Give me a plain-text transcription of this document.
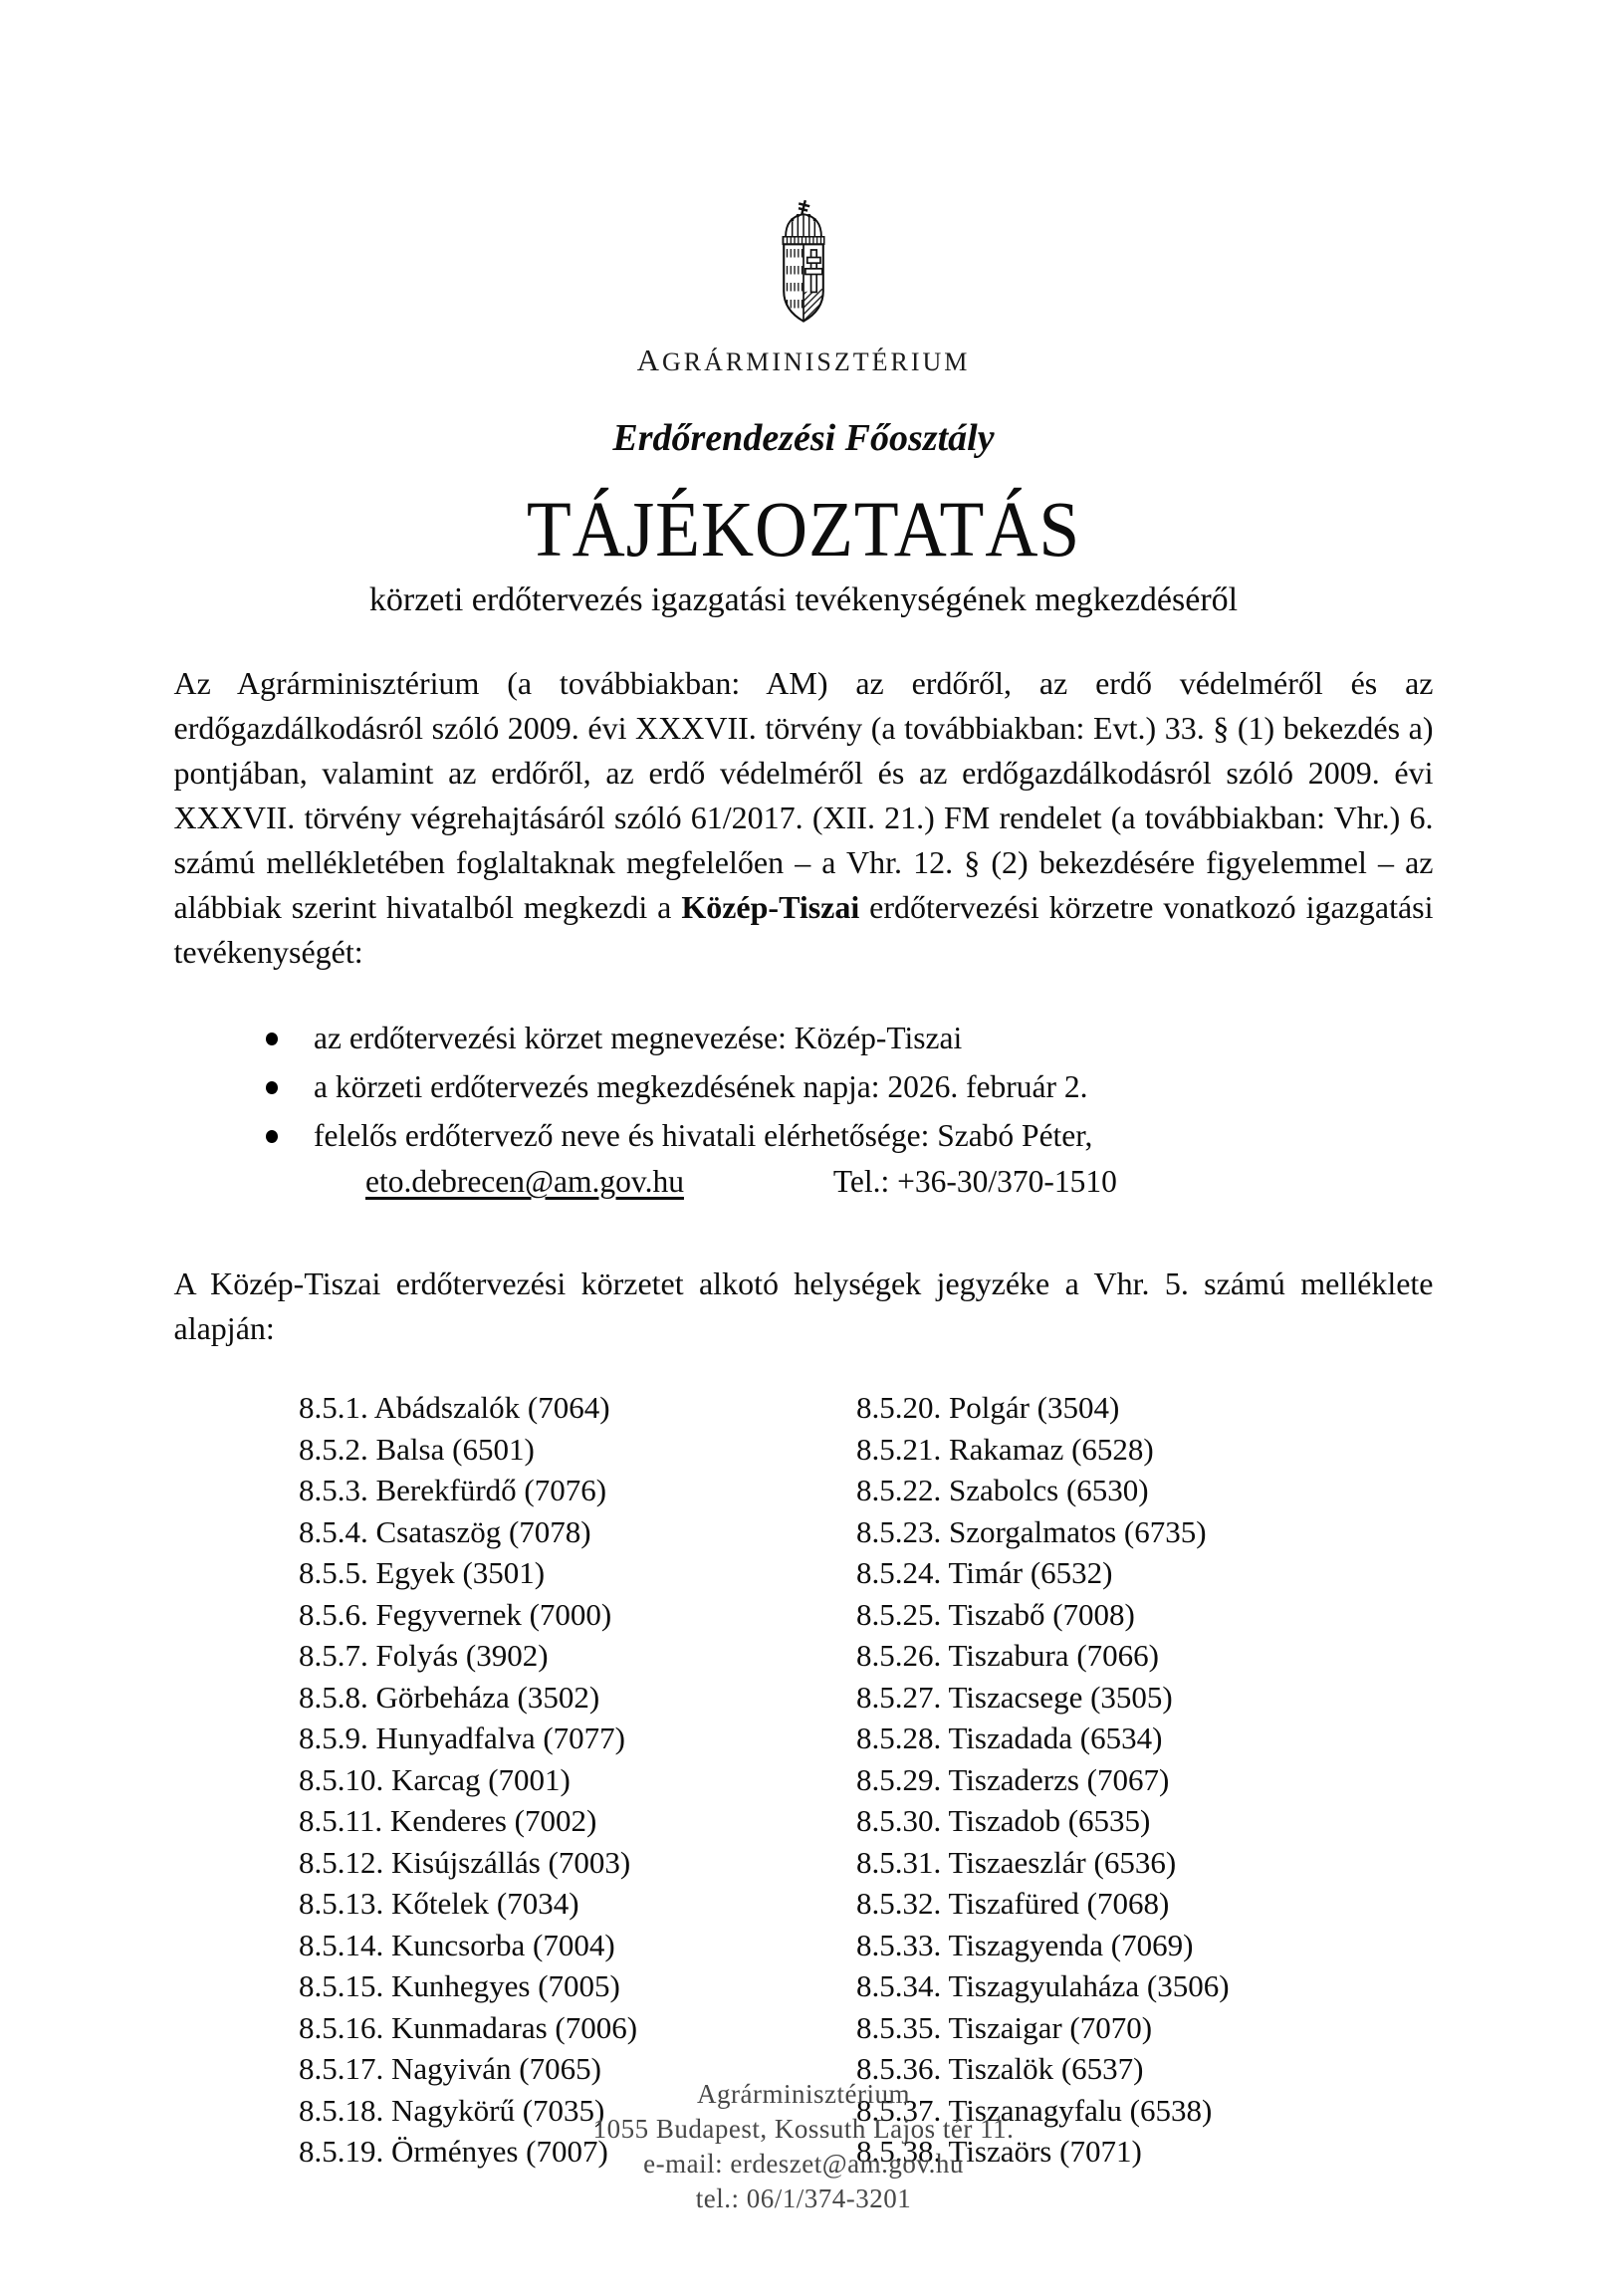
AGRÁRMINISZTÉRIUM
Erdőrendezési Főosztály
TÁJÉKOZTATÁS
körzeti erdőtervezés igazgatási tevékenységének megkezdéséről

Az Agrárminisztérium (a továbbiakban: AM) az erdőről, az erdő védelméről és az erdőgazdálkodásról szóló 2009. évi XXXVII. törvény (a továbbiakban: Evt.) 33. § (1) bekezdés a) pontjában, valamint az erdőről, az erdő védelméről és az erdőgazdálkodásról szóló 2009. évi XXXVII. törvény végrehajtásáról szóló 61/2017. (XII. 21.) FM rendelet (a továbbiakban: Vhr.) 6. számú mellékletében foglaltaknak megfelelően – a Vhr. 12. § (2) bekezdésére figyelemmel – az alábbiak szerint hivatalból megkezdi a Közép-Tiszai erdőtervezési körzetre vonatkozó igazgatási tevékenységét:

az erdőtervezési körzet megnevezése: Közép-Tiszai
a körzeti erdőtervezés megkezdésének napja: 2026. február 2.
felelős erdőtervező neve és hivatali elérhetősége: Szabó Péter,
eto.debrecen@am.gov.hu	Tel.: +36-30/370-1510

A Közép-Tiszai erdőtervezési körzetet alkotó helységek jegyzéke a Vhr. 5. számú melléklete alapján:

8.5.1. Abádszalók (7064)
8.5.2. Balsa (6501)
8.5.3. Berekfürdő (7076)
8.5.4. Csataszög (7078)
8.5.5. Egyek (3501)
8.5.6. Fegyvernek (7000)
8.5.7. Folyás (3902)
8.5.8. Görbeháza (3502)
8.5.9. Hunyadfalva (7077)
8.5.10. Karcag (7001)
8.5.11. Kenderes (7002)
8.5.12. Kisújszállás (7003)
8.5.13. Kőtelek (7034)
8.5.14. Kuncsorba (7004)
8.5.15. Kunhegyes (7005)
8.5.16. Kunmadaras (7006)
8.5.17. Nagyiván (7065)
8.5.18. Nagykörű (7035)
8.5.19. Örményes (7007)
8.5.20. Polgár (3504)
8.5.21. Rakamaz (6528)
8.5.22. Szabolcs (6530)
8.5.23. Szorgalmatos (6735)
8.5.24. Timár (6532)
8.5.25. Tiszabő (7008)
8.5.26. Tiszabura (7066)
8.5.27. Tiszacsege (3505)
8.5.28. Tiszadada (6534)
8.5.29. Tiszaderzs (7067)
8.5.30. Tiszadob (6535)
8.5.31. Tiszaeszlár (6536)
8.5.32. Tiszafüred (7068)
8.5.33. Tiszagyenda (7069)
8.5.34. Tiszagyulaháza (3506)
8.5.35. Tiszaigar (7070)
8.5.36. Tiszalök (6537)
8.5.37. Tiszanagyfalu (6538)
8.5.38. Tiszaörs (7071)
Agrárminisztérium
1055 Budapest, Kossuth Lajos tér 11.
e-mail: erdeszet@am.gov.hu
tel.: 06/1/374-3201
